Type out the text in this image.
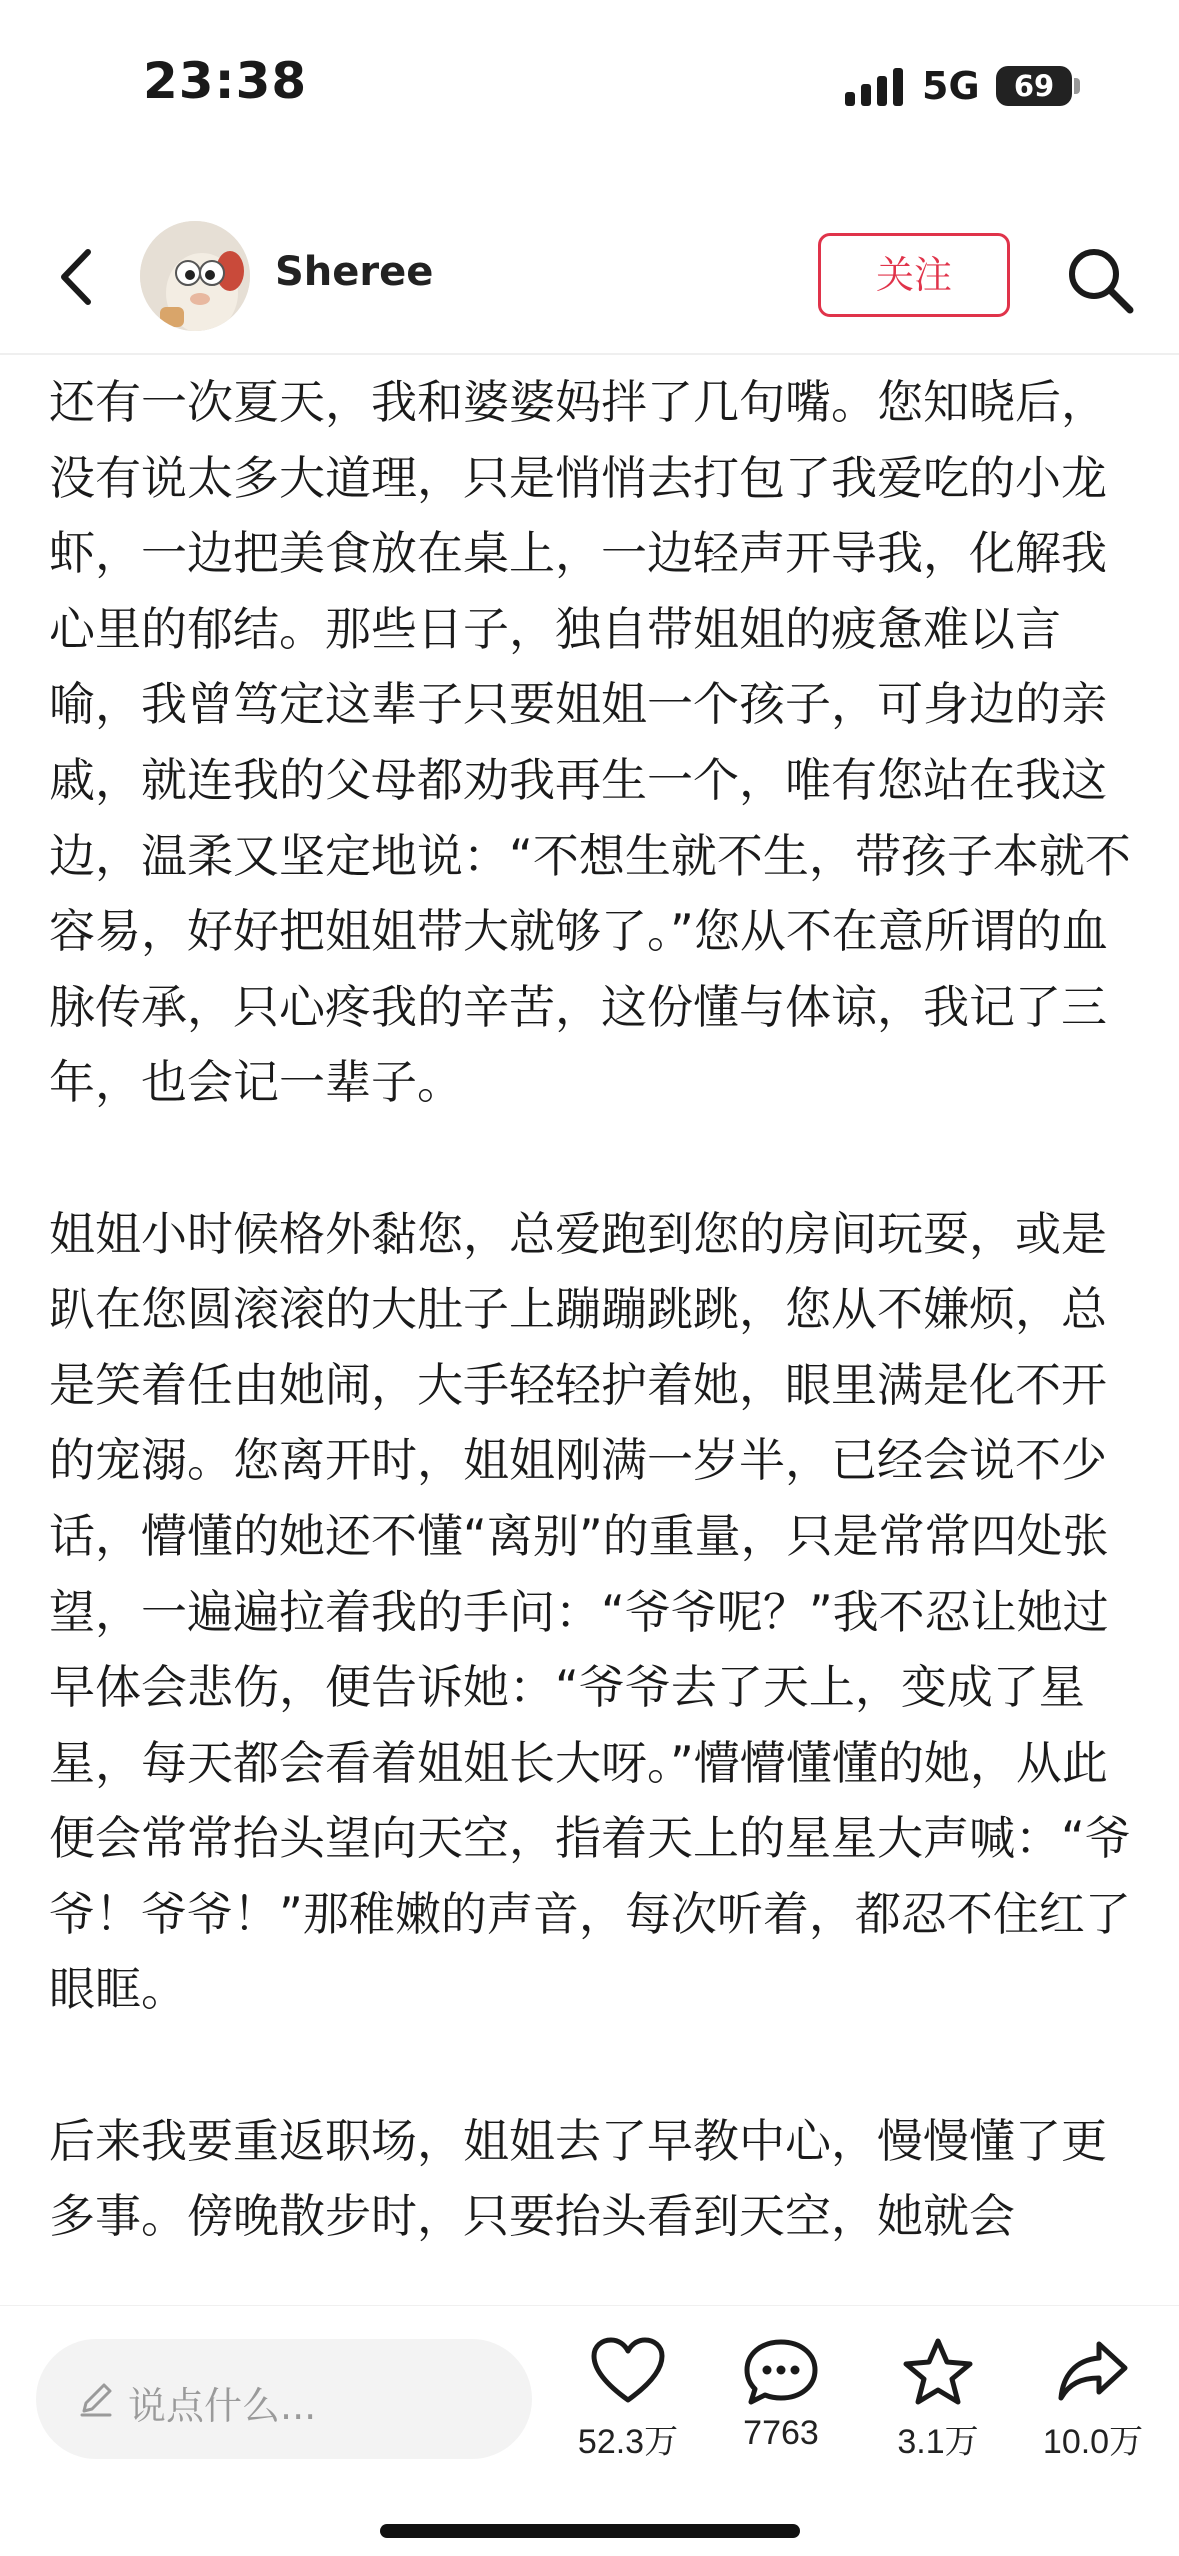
23:38	5G	69
Sheree	关注

还有一次夏天，我和婆婆妈拌了几句嘴。您知晓后，没有说太多大道理，只是悄悄去打包了我爱吃的小龙虾，一边把美食放在桌上，一边轻声开导我，化解我心里的郁结。那些日子，独自带姐姐的疲惫难以言喻，我曾笃定这辈子只要姐姐一个孩子，可身边的亲戚，就连我的父母都劝我再生一个，唯有您站在我这边，温柔又坚定地说：“不想生就不生，带孩子本就不容易，好好把姐姐带大就够了。”您从不在意所谓的血脉传承，只心疼我的辛苦，这份懂与体谅，我记了三年，也会记一辈子。

姐姐小时候格外黏您，总爱跑到您的房间玩耍，或是趴在您圆滚滚的大肚子上蹦蹦跳跳，您从不嫌烦，总是笑着任由她闹，大手轻轻护着她，眼里满是化不开的宠溺。您离开时，姐姐刚满一岁半，已经会说不少话，懵懂的她还不懂“离别”的重量，只是常常四处张望，一遍遍拉着我的手问：“爷爷呢？”我不忍让她过早体会悲伤，便告诉她：“爷爷去了天上，变成了星星，每天都会看着姐姐长大呀。”懵懵懂懂的她，从此便会常常抬头望向天空，指着天上的星星大声喊：“爷爷！爷爷！”那稚嫩的声音，每次听着，都忍不住红了眼眶。

后来我要重返职场，姐姐去了早教中心，慢慢懂了更多事。傍晚散步时，只要抬头看到天空，她就会

说点什么...
52.3万	7763	3.1万	10.0万
